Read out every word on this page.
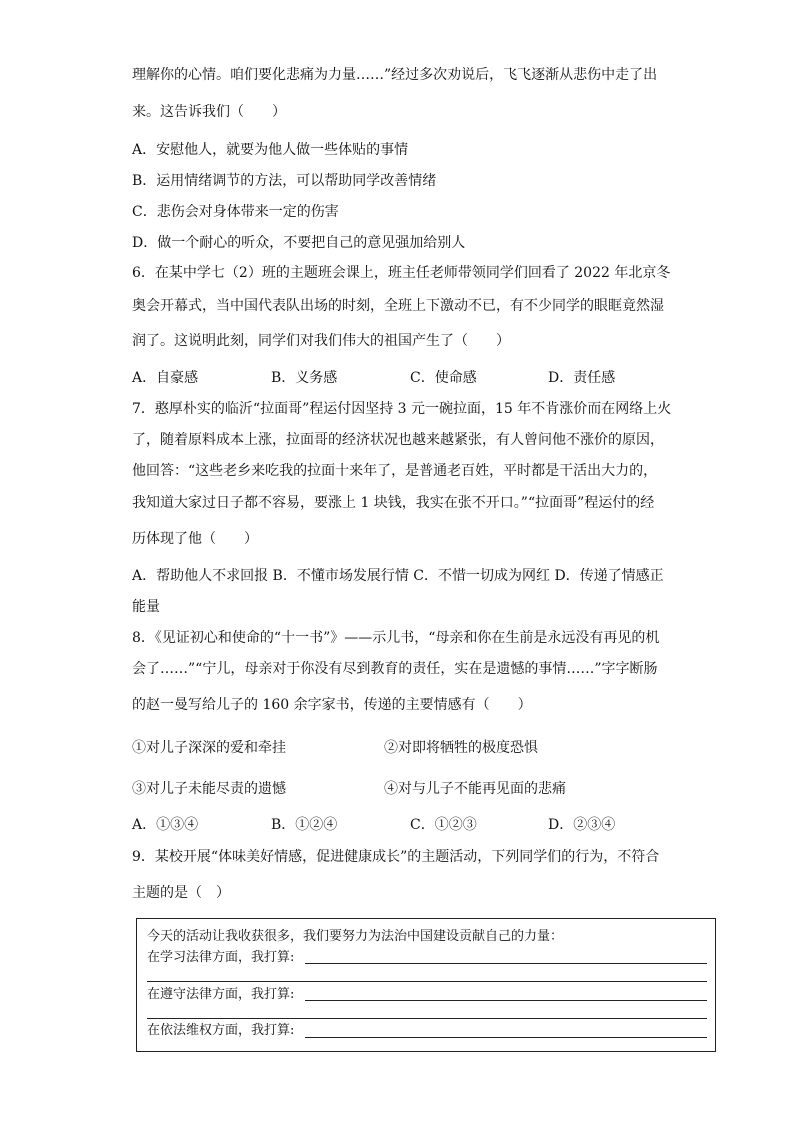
理解你的心情。咱们要化悲痛为力量……”经过多次劝说后，飞飞逐渐从悲伤中走了出
来。这告诉我们（　　）
A．安慰他人，就要为他人做一些体贴的事情
B．运用情绪调节的方法，可以帮助同学改善情绪
C．悲伤会对身体带来一定的伤害
D．做一个耐心的听众，不要把自己的意见强加给别人
6．在某中学七（2）班的主题班会课上，班主任老师带领同学们回看了 2022 年北京冬
奥会开幕式，当中国代表队出场的时刻，全班上下激动不已，有不少同学的眼眶竟然湿
润了。这说明此刻，同学们对我们伟大的祖国产生了（　　）
A．自豪感	B．义务感	C．使命感	D．责任感
7．憨厚朴实的临沂“拉面哥”程运付因坚持 3 元一碗拉面，15 年不肯涨价而在网络上火
了，随着原料成本上涨，拉面哥的经济状况也越来越紧张，有人曾问他不涨价的原因，
他回答：“这些老乡来吃我的拉面十来年了，是普通老百姓，平时都是干活出大力的，
我知道大家过日子都不容易，要涨上 1 块钱，我实在张不开口。”“拉面哥”程运付的经
历体现了他（　　）
A．帮助他人不求回报 B．不懂市场发展行情 C．不惜一切成为网红 D．传递了情感正
能量
8．《见证初心和使命的“十一书”》——示儿书，“母亲和你在生前是永远没有再见的机
会了……”“宁儿，母亲对于你没有尽到教育的责任，实在是遗憾的事情……”字字断肠
的赵一曼写给儿子的 160 余字家书，传递的主要情感有（　　）
①对儿子深深的爱和牵挂	②对即将牺牲的极度恐惧
③对儿子未能尽责的遗憾	④对与儿子不能再见面的悲痛
A．①③④	B．①②④	C．①②③	D．②③④
9．某校开展“体味美好情感，促进健康成长”的主题活动，下列同学们的行为，不符合
主题的是（　）
今天的活动让我收获很多，我们要努力为法治中国建设贡献自己的力量：
在学习法律方面，我打算:
在遵守法律方面，我打算:
在依法维权方面，我打算:
